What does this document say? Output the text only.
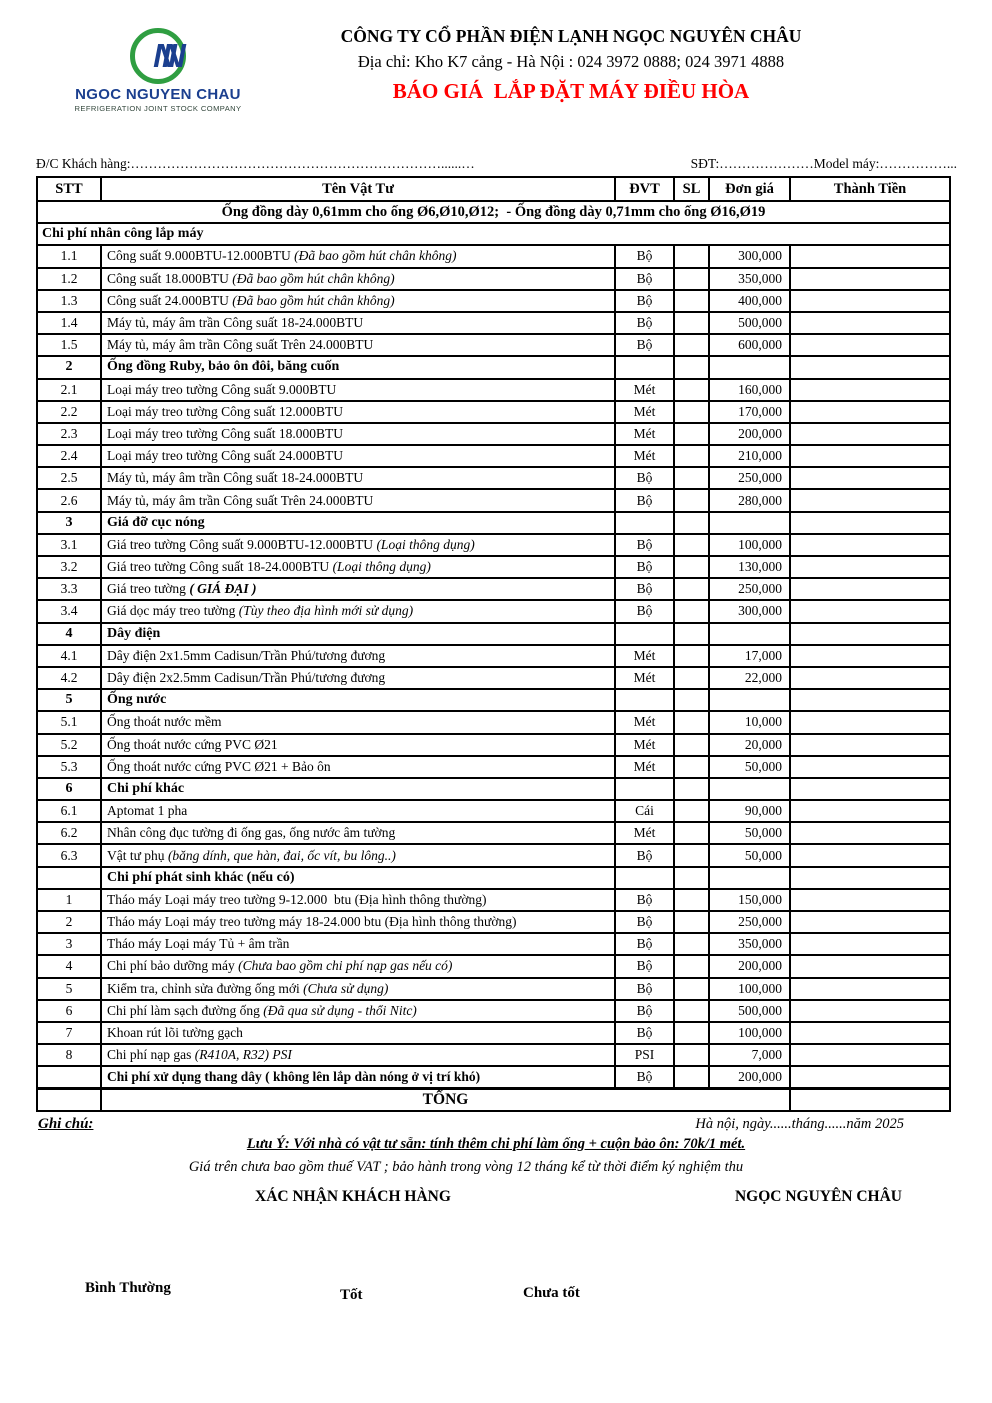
NN
NGOC NGUYEN CHAU
REFRIGERATION JOINT STOCK COMPANY
CÔNG TY CỔ PHẦN ĐIỆN LẠNH NGỌC NGUYÊN CHÂU
Địa chỉ: Kho K7 cảng - Hà Nội : 024 3972 0888; 024 3971 4888
BÁO GIÁ  LẮP ĐẶT MÁY ĐIỀU HÒA
Đ/C Khách hàng: ……………………………………………………………......…	SĐT: ………………… Model máy: ……………...
STT	Tên Vật Tư	ĐVT	SL	Đơn giá	Thành Tiền
Ống đồng dày 0,61mm cho ống Ø6,Ø10,Ø12;  - Ống đồng dày 0,71mm cho ống Ø16,Ø19					
Chi phí nhân công lắp máy					
1.1	Công suất 9.000BTU-12.000BTU (Đã bao gồm hút chân không)	Bộ		300,000	
1.2	Công suất 18.000BTU (Đã bao gồm hút chân không)	Bộ		350,000	
1.3	Công suất 24.000BTU (Đã bao gồm hút chân không)	Bộ		400,000	
1.4	Máy tủ, máy âm trần Công suất 18-24.000BTU	Bộ		500,000	
1.5	Máy tủ, máy âm trần Công suất Trên 24.000BTU	Bộ		600,000	
2	Ống đồng Ruby, bảo ôn đôi, băng cuốn				
2.1	Loại máy treo tường Công suất 9.000BTU	Mét		160,000	
2.2	Loại máy treo tường Công suất 12.000BTU	Mét		170,000	
2.3	Loại máy treo tường Công suất 18.000BTU	Mét		200,000	
2.4	Loại máy treo tường Công suất 24.000BTU	Mét		210,000	
2.5	Máy tủ, máy âm trần Công suất 18-24.000BTU	Bộ		250,000	
2.6	Máy tủ, máy âm trần Công suất Trên 24.000BTU	Bộ		280,000	
3	Giá đỡ cục nóng				
3.1	Giá treo tường Công suất 9.000BTU-12.000BTU (Loại thông dụng)	Bộ		100,000	
3.2	Giá treo tường Công suất 18-24.000BTU (Loại thông dụng)	Bộ		130,000	
3.3	Giá treo tường ( GIÁ ĐẠI )	Bộ		250,000	
3.4	Giá dọc máy treo tường (Tùy theo địa hình mới sử dụng)	Bộ		300,000	
4	Dây điện				
4.1	Dây điện 2x1.5mm Cadisun/Trần Phú/tương đương	Mét		17,000	
4.2	Dây điện 2x2.5mm Cadisun/Trần Phú/tương đương	Mét		22,000	
5	Ống nước				
5.1	Ống thoát nước mềm	Mét		10,000	
5.2	Ống thoát nước cứng PVC Ø21	Mét		20,000	
5.3	Ống thoát nước cứng PVC Ø21 + Bảo ôn	Mét		50,000	
6	Chi phí khác				
6.1	Aptomat 1 pha	Cái		90,000	
6.2	Nhân công đục tường đi ống gas, ống nước âm tường	Mét		50,000	
6.3	Vật tư phụ (băng dính, que hàn, đai, ốc vít, bu lông..)	Bộ		50,000	
	Chi phí phát sinh khác (nếu có)				
1	Tháo máy Loại máy treo tường 9-12.000  btu (Địa hình thông thường)	Bộ		150,000	
2	Tháo máy Loại máy treo tường máy 18-24.000 btu (Địa hình thông thường)	Bộ		250,000	
3	Tháo máy Loại máy Tủ + âm trần	Bộ		350,000	
4	Chi phí bảo dưỡng máy (Chưa bao gồm chi phí nạp gas nếu có)	Bộ		200,000	
5	Kiểm tra, chỉnh sửa đường ống mới (Chưa sử dụng)	Bộ		100,000	
6	Chi phí làm sạch đường ống (Đã qua sử dụng - thổi Nitc)	Bộ		500,000	
7	Khoan rút lõi tường gạch	Bộ		100,000	
8	Chi phí nạp gas (R410A, R32) PSI	PSI		7,000	
	Chi phí xử dụng thang dây ( không lên lắp dàn nóng ở vị trí khó)	Bộ		200,000	
	TỔNG				
Ghi chú:	Hà nội, ngày......tháng......năm 2025
Lưu Ý: Với nhà có vật tư sẵn: tính thêm chi phí làm ống + cuộn bảo ôn: 70k/1 mét.
Giá trên chưa bao gồm thuế VAT ; bảo hành trong vòng 12 tháng kể từ thời điểm ký nghiệm thu
XÁC NHẬN KHÁCH HÀNG	NGỌC NGUYÊN CHÂU
Bình Thường	Tốt	Chưa tốt
